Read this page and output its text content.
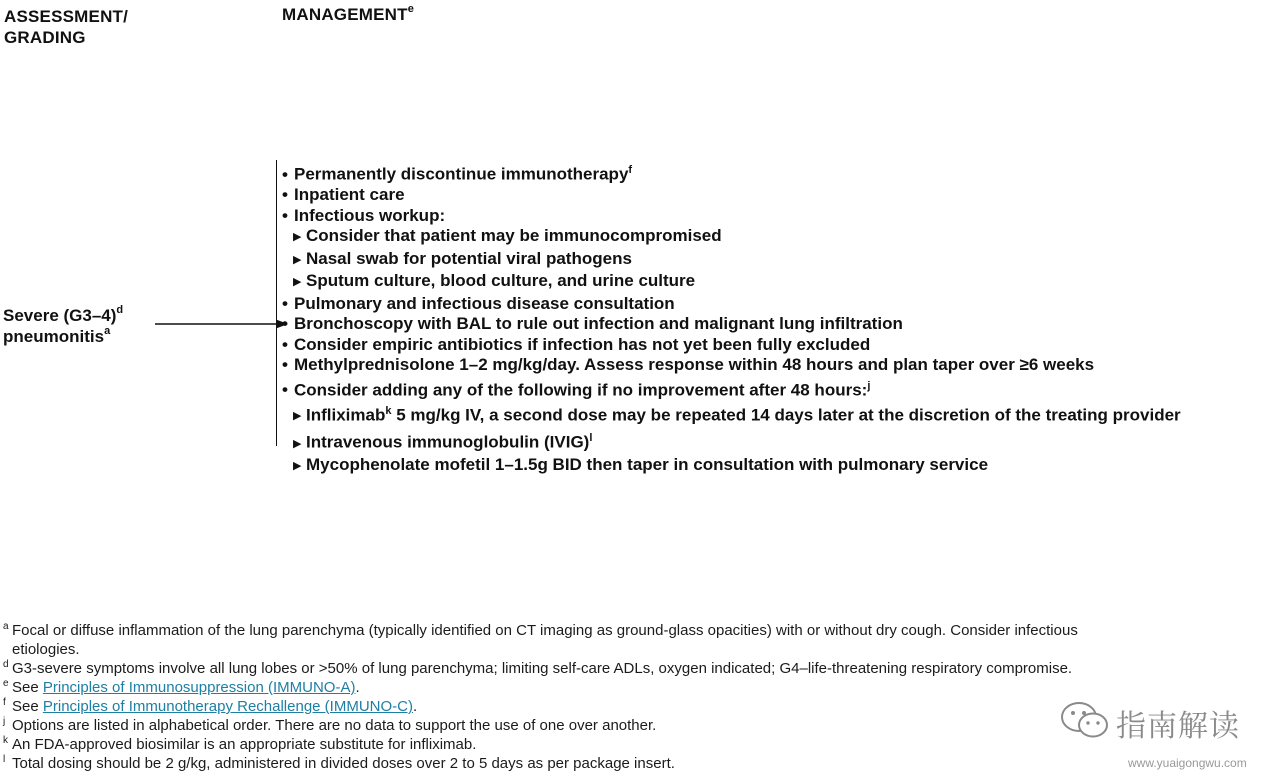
ASSESSMENT/
GRADING
MANAGEMENT$^e$
Severe $(G3-4)^d$
pneumonitis$^a$
• Permanently discontinue immunotherapy$^f$
• Inpatient care
• Infectious workup:
▶ Consider that patient may be immunocompromised
▶ Nasal swab for potential viral pathogens
▶ Sputum culture, blood culture, and urine culture
• Pulmonary and infectious disease consultation
• Bronchoscopy with BAL to rule out infection and malignant lung infiltration
• Consider empiric antibiotics if infection has not yet been fully excluded
• Methylprednisolone 1–2 mg/kg/day. Assess response within 48 hours and plan taper over ≥6 weeks
• Consider adding any of the following if no improvement after 48 hours:$^j$
▶ Infliximab$^k$ 5 mg/kg IV, a second dose may be repeated 14 days later at the discretion of the treating provider
▶ Intravenous immunoglobulin (IVIG)$^l$
▶ Mycophenolate mofetil 1–1.5g BID then taper in consultation with pulmonary service
a Focal or diffuse inflammation of the lung parenchyma (typically identified on CT imaging as ground-glass opacities) with or without dry cough. Consider infectious
etiologies.
d G3-severe symptoms involve all lung lobes or >50% of lung parenchyma; limiting self-care ADLs, oxygen indicated; G4–life-threatening respiratory compromise.
e See Principles of Immunosuppression (IMMUNO-A).
f See Principles of Immunotherapy Rechallenge (IMMUNO-C).
j Options are listed in alphabetical order. There are no data to support the use of one over another.
k An FDA-approved biosimilar is an appropriate substitute for infliximab.
l Total dosing should be 2 g/kg, administered in divided doses over 2 to 5 days as per package insert.
指南解读
www.yuaigongwu.com
